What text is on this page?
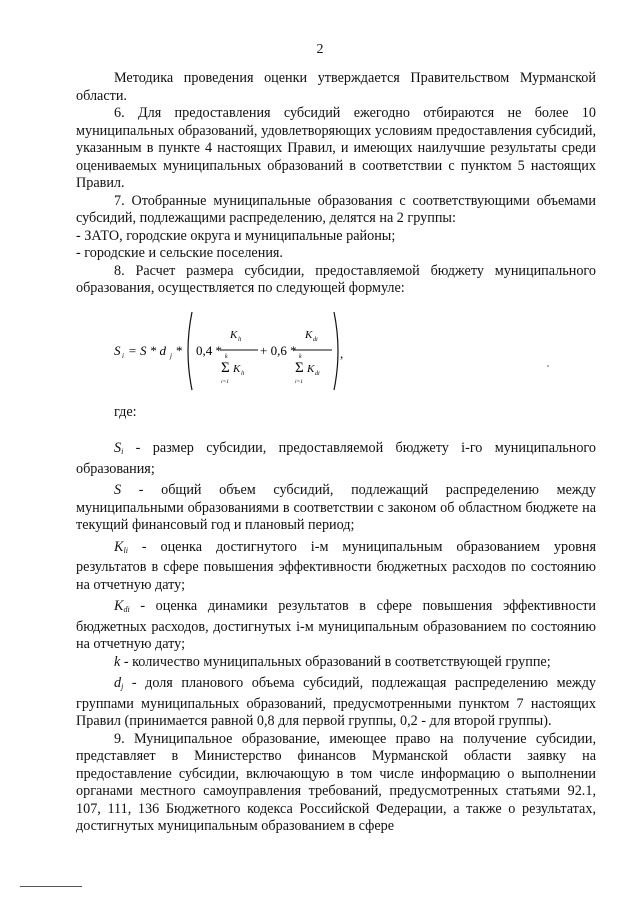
2

Методика проведения оценки утверждается Правительством Мурманской области.

6. Для предоставления субсидий ежегодно отбираются не более 10 муниципальных образований, удовлетворяющих условиям предоставления субсидий, указанным в пункте 4 настоящих Правил, и имеющих наилучшие результаты среди оцениваемых муниципальных образований в соответствии с пунктом 5 настоящих Правил.

7. Отобранные муниципальные образования с соответствующими объемами субсидий, подлежащими распределению, делятся на 2 группы:

- ЗАТО, городские округа и муниципальные районы;

- городские и сельские поселения.

8. Расчет размера субсидии, предоставляемой бюджету муниципального образования, осуществляется по следующей формуле:

S i = S * d j * 0,4 *
K li
k
Σ K li
i=1
+ 0,6 *
K di
k
Σ K di
i=1
,
где:

$S_i$ - размер субсидии, предоставляемой бюджету i-го муниципального образования;

S - общий объем субсидий, подлежащий распределению между муниципальными образованиями в соответствии с законом об областном бюджете на текущий финансовый год и плановый период;

$K_{li}$ - оценка достигнутого i-м муниципальным образованием уровня результатов в сфере повышения эффективности бюджетных расходов по состоянию на отчетную дату;

$K_{di}$ - оценка динамики результатов в сфере повышения эффективности бюджетных расходов, достигнутых i-м муниципальным образованием по состоянию на отчетную дату;

k - количество муниципальных образований в соответствующей группе;

$d_j$ - доля планового объема субсидий, подлежащая распределению между группами муниципальных образований, предусмотренными пунктом 7 настоящих Правил (принимается равной 0,8 для первой группы, 0,2 - для второй группы).

9. Муниципальное образование, имеющее право на получение субсидии, представляет в Министерство финансов Мурманской области заявку на предоставление субсидии, включающую в том числе информацию о выполнении органами местного самоуправления требований, предусмотренных статьями 92.1, 107, 111, 136 Бюджетного кодекса Российской Федерации, а также о результатах, достигнутых муниципальным образованием в сфере
